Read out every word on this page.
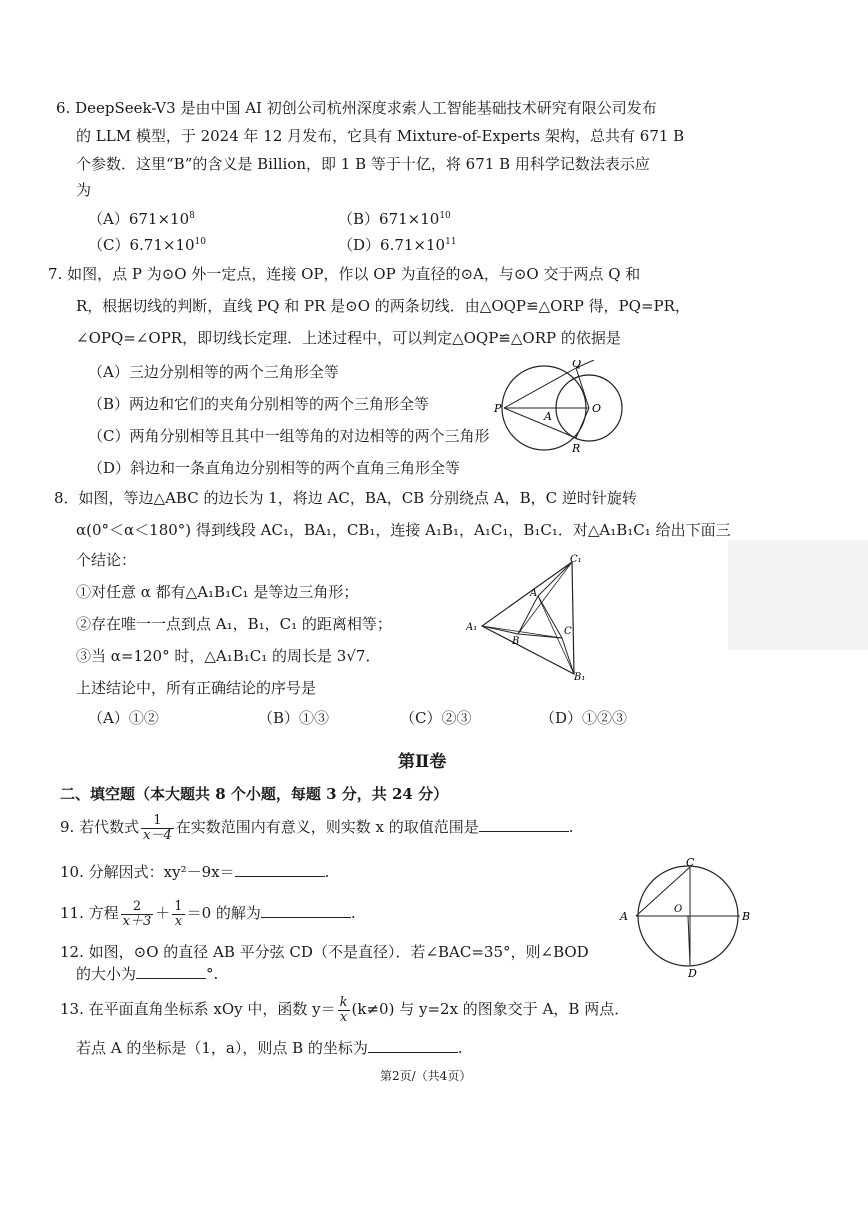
6. DeepSeek-V3 是由中国 AI 初创公司杭州深度求索人工智能基础技术研究有限公司发布
的 LLM 模型，于 2024 年 12 月发布，它具有 Mixture-of-Experts 架构，总共有 671 B
个参数．这里“B”的含义是 Billion，即 1 B 等于十亿，将 671 B 用科学记数法表示应
为
$(A)671\times 10^8$	$(B)671\times 10^{10}$
$(C)6.71\times 10^{10}$	$(D)6.71\times 10^{11}$
7. 如图，点 P 为⊙O 外一定点，连接 OP，作以 OP 为直径的⊙A，与⊙O 交于两点 Q 和
R，根据切线的判断，直线 PQ 和 PR 是⊙O 的两条切线．由△OQP≌△ORP 得，PQ=PR，
∠OPQ=∠OPR，即切线长定理．上述过程中，可以判定△OQP≌△ORP 的依据是
（A）三边分别相等的两个三角形全等
（B）两边和它们的夹角分别相等的两个三角形全等
（C）两角分别相等且其中一组等角的对边相等的两个三角形
（D）斜边和一条直角边分别相等的两个直角三角形全等
P
Q
R
O
A
8．如图，等边△ABC 的边长为 1，将边 AC，BA，CB 分别绕点 A，B，C 逆时针旋转
α(0°＜α＜180°) 得到线段 AC₁，BA₁，CB₁，连接 A₁B₁，A₁C₁，B₁C₁．对△A₁B₁C₁ 给出下面三
个结论：
①对任意 α 都有△A₁B₁C₁ 是等边三角形；
②存在唯一一点到点 A₁，B₁，C₁ 的距离相等；
③当 α=120° 时，△A₁B₁C₁ 的周长是 3√7．
上述结论中，所有正确结论的序号是
（A）①②	（B）①③	（C）②③	（D）①②③
C₁
A₁
B₁
A
B
C
第Ⅱ卷
二、填空题（本大题共 8 个小题，每题 3 分，共 24 分）
9. 若代数式 $\frac{1}{x-4}$ 在实数范围内有意义，则实数 x 的取值范围是	.
10. 分解因式：xy²－9x＝	.
11. 方程 $\frac{2}{x+3} + \frac{1}{x} =0$ 的解为	.
12. 如图，⊙O 的直径 AB 平分弦 CD（不是直径）．若∠BAC=35°，则∠BOD
的大小为	°.
A	B
C
D
O
13. 在平面直角坐标系 xOy 中，函数 $y= \frac{k}{x} (k\ne 0)$ 与 y=2x 的图象交于 A，B 两点．
若点 A 的坐标是（1，a），则点 B 的坐标为	.
第2页/（共4页）
